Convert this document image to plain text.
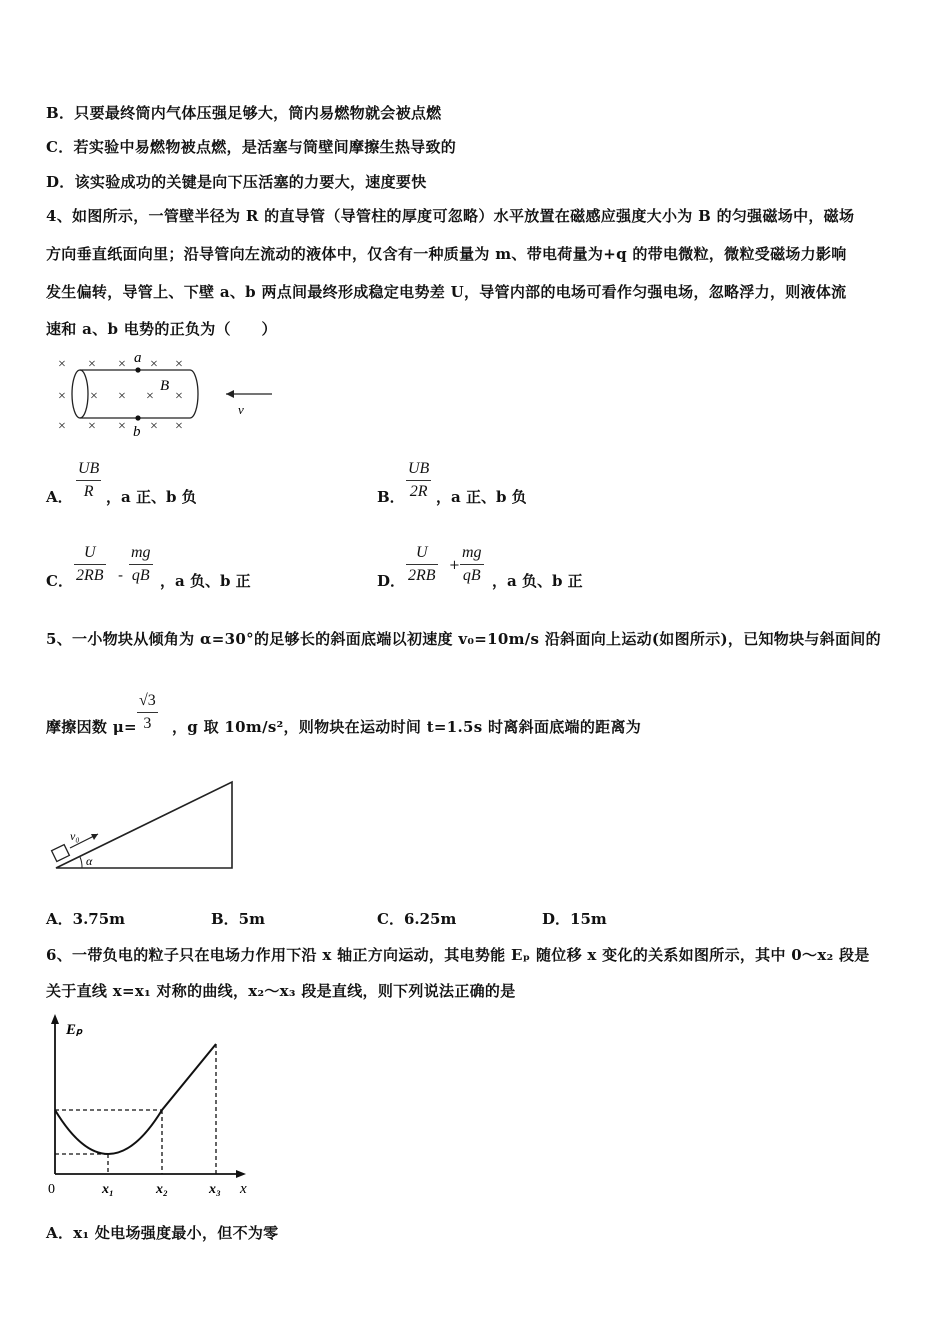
B．只要最终筒内气体压强足够大，筒内易燃物就会被点燃
C．若实验中易燃物被点燃，是活塞与筒壁间摩擦生热导致的
D．该实验成功的关键是向下压活塞的力要大，速度要快
4、如图所示，一管壁半径为 R 的直导管（导管柱的厚度可忽略）水平放置在磁感应强度大小为 B 的匀强磁场中，磁场
方向垂直纸面向里；沿导管向左流动的液体中，仅含有一种质量为 m、带电荷量为+q 的带电微粒，微粒受磁场力影响
发生偏转，导管上、下壁 a、b 两点间最终形成稳定电势差 U，导管内部的电场可看作匀强电场，忽略浮力，则液体流
速和 a、b 电势的正负为（　　）
× × × × ×
× × × × ×
× × × × ×
a
b
B
v
A．
UB
R ，a 正、b 负	B．
UB
2R ，a 正、b 负
C．
U
2RB -
mg
qB ，a 负、b 正	D．
U
2RB
+
mg
qB ，a 负、b 正
5、一小物块从倾角为 α=30°的足够长的斜面底端以初速度 v₀=10m/s 沿斜面向上运动(如图所示)，已知物块与斜面间的
摩擦因数 μ=
√3
3	，g 取 10m/s²，则物块在运动时间 t=1.5s 时离斜面底端的距离为
v₀
α
A．3.75m	B．5m	C．6.25m	D．15m
6、一带负电的粒子只在电场力作用下沿 x 轴正方向运动，其电势能 Eₚ 随位移 x 变化的关系如图所示，其中 0～x₂ 段是
关于直线 x=x₁ 对称的曲线，x₂～x₃ 段是直线，则下列说法正确的是
Eₚ
0	x₁	x₂	x₃ x
A．x₁ 处电场强度最小，但不为零
